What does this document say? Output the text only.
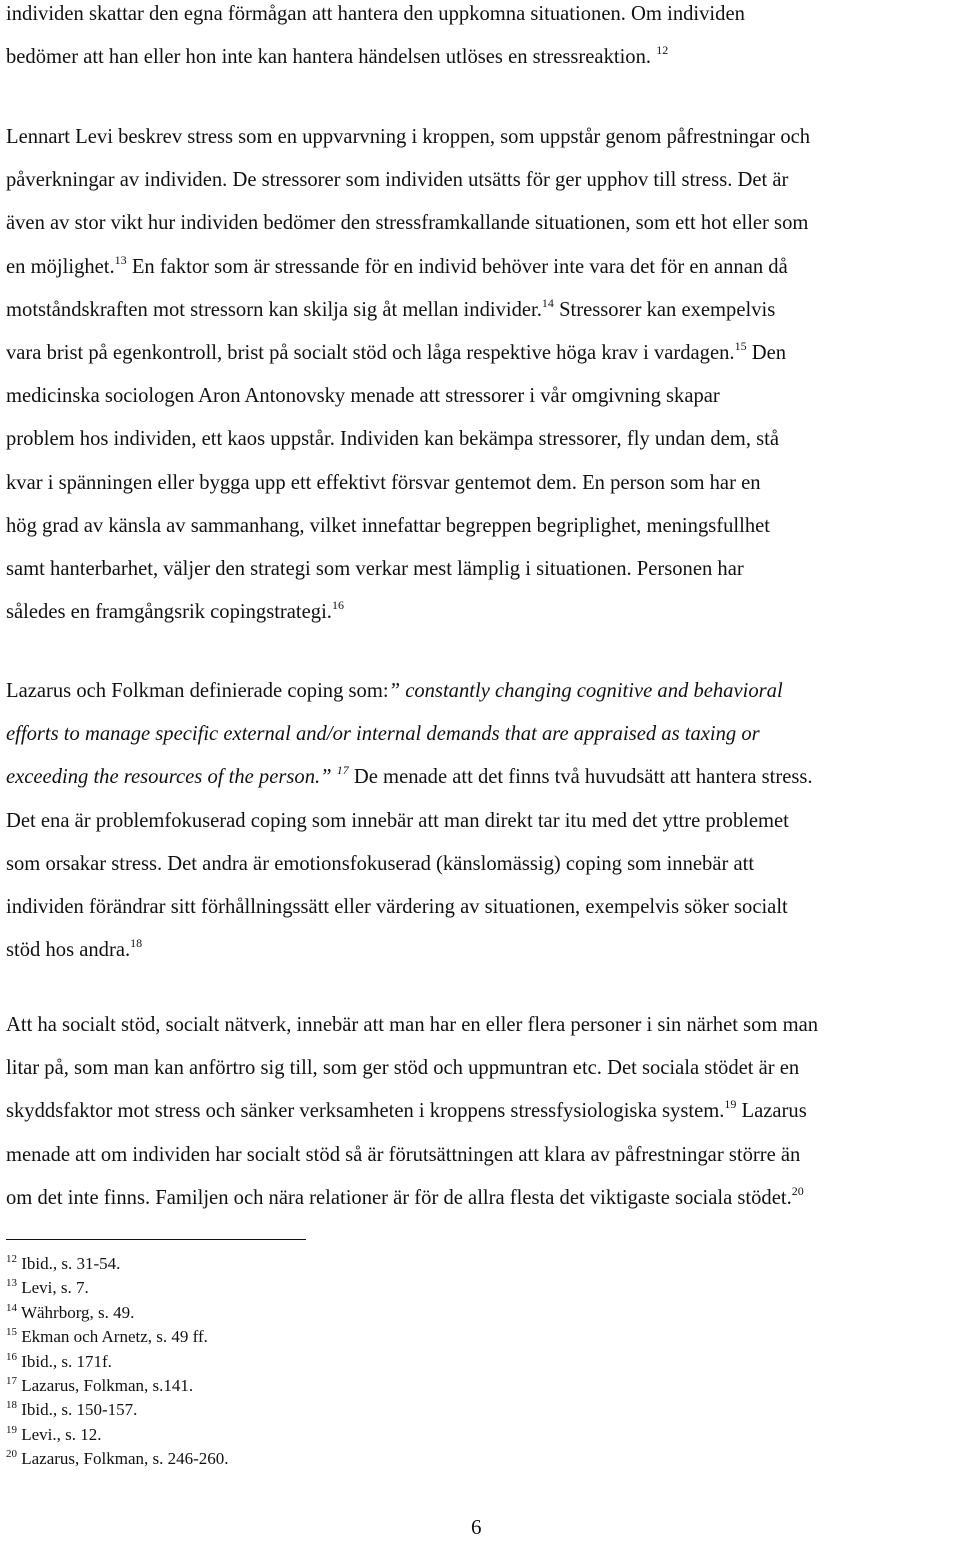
individen skattar den egna förmågan att hantera den uppkomna situationen. Om individen
bedömer att han eller hon inte kan hantera händelsen utlöses en stressreaktion. $^{12}$

Lennart Levi beskrev stress som en uppvarvning i kroppen, som uppstår genom påfrestningar och
påverkningar av individen. De stressorer som individen utsätts för ger upphov till stress. Det är
även av stor vikt hur individen bedömer den stressframkallande situationen, som ett hot eller som
en möjlighet.$^{13}$ En faktor som är stressande för en individ behöver inte vara det för en annan då
motståndskraften mot stressorn kan skilja sig åt mellan individer.$^{14}$ Stressorer kan exempelvis
vara brist på egenkontroll, brist på socialt stöd och låga respektive höga krav i vardagen.$^{15}$ Den
medicinska sociologen Aron Antonovsky menade att stressorer i vår omgivning skapar
problem hos individen, ett kaos uppstår. Individen kan bekämpa stressorer, fly undan dem, stå
kvar i spänningen eller bygga upp ett effektivt försvar gentemot dem. En person som har en
hög grad av känsla av sammanhang, vilket innefattar begreppen begriplighet, meningsfullhet
samt hanterbarhet, väljer den strategi som verkar mest lämplig i situationen. Personen har
således en framgångsrik copingstrategi.$^{16}$

Lazarus och Folkman definierade coping som:” constantly changing cognitive and behavioral
efforts to manage specific external and/or internal demands that are appraised as taxing or
exceeding the resources of the person.” $^{17}$ De menade att det finns två huvudsätt att hantera stress.
Det ena är problemfokuserad coping som innebär att man direkt tar itu med det yttre problemet
som orsakar stress. Det andra är emotionsfokuserad (känslomässig) coping som innebär att
individen förändrar sitt förhållningssätt eller värdering av situationen, exempelvis söker socialt
stöd hos andra.$^{18}$

Att ha socialt stöd, socialt nätverk, innebär att man har en eller flera personer i sin närhet som man
litar på, som man kan anförtro sig till, som ger stöd och uppmuntran etc. Det sociala stödet är en
skyddsfaktor mot stress och sänker verksamheten i kroppens stressfysiologiska system.$^{19}$ Lazarus
menade att om individen har socialt stöd så är förutsättningen att klara av påfrestningar större än
om det inte finns. Familjen och nära relationer är för de allra flesta det viktigaste sociala stödet.$^{20}$

$^{12}$ Ibid., s. 31-54.
$^{13}$ Levi, s. 7.
$^{14}$ Währborg, s. 49.
$^{15}$ Ekman och Arnetz, s. 49 ff.
$^{16}$ Ibid., s. 171f.
$^{17}$ Lazarus, Folkman, s.141.
$^{18}$ Ibid., s. 150-157.
$^{19}$ Levi., s. 12.
$^{20}$ Lazarus, Folkman, s. 246-260.
6
